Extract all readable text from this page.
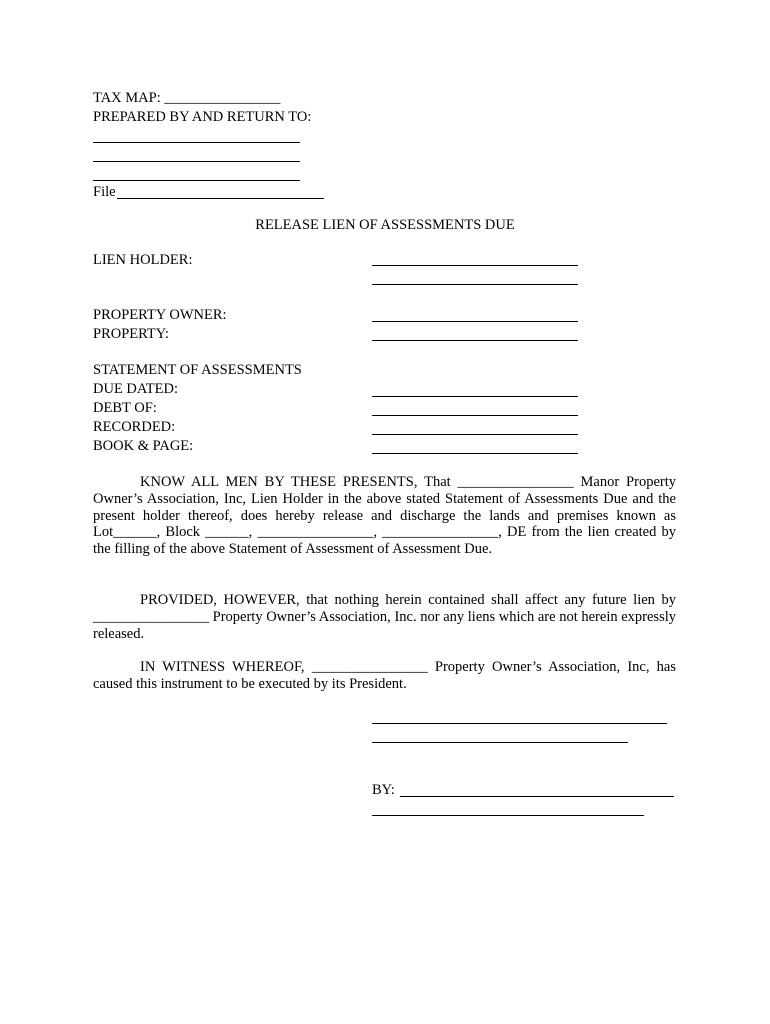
TAX MAP: ________________
PREPARED BY AND RETURN TO:
File
RELEASE LIEN OF ASSESSMENTS DUE
LIEN HOLDER:
PROPERTY OWNER:
PROPERTY:
STATEMENT OF ASSESSMENTS
DUE DATED:
DEBT OF:
RECORDED:
BOOK & PAGE:

KNOW ALL MEN BY THESE PRESENTS, That ________________ Manor Property Owner’s Association, Inc, Lien Holder in the above stated Statement of Assessments Due and the present holder thereof, does hereby release and discharge the lands and premises known as Lot______, Block ______, ________________, ________________, DE from the lien created by the filling of the above Statement of Assessment of Assessment Due.

PROVIDED, HOWEVER, that nothing herein contained shall affect any future lien by ________________ Property Owner’s Association, Inc. nor any liens which are not herein expressly released.

IN WITNESS WHEREOF, ________________ Property Owner’s Association, Inc, has caused this instrument to be executed by its President.

BY:
